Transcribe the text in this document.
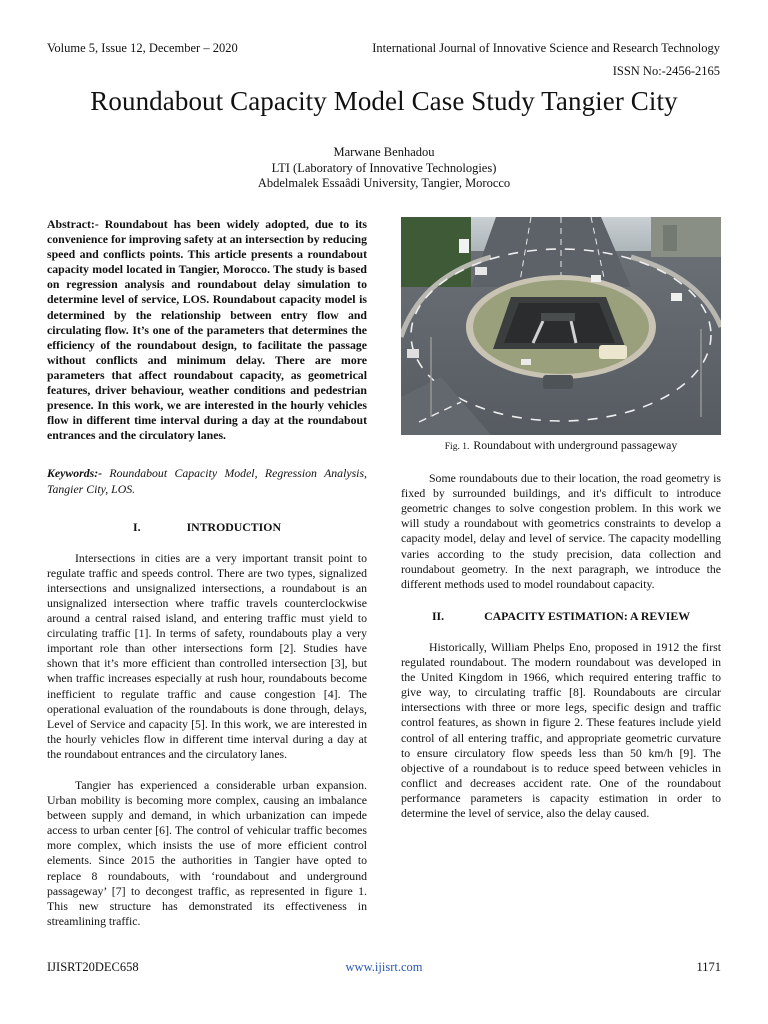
Volume 5, Issue 12, December – 2020	International Journal of Innovative Science and Research Technology
ISSN No:-2456-2165
Roundabout Capacity Model Case Study Tangier City
Marwane Benhadou
LTI (Laboratory of Innovative Technologies)
Abdelmalek Essaâdi University, Tangier, Morocco

Abstract:- Roundabout has been widely adopted, due to its convenience for improving safety at an intersection by reducing speed and conflicts points. This article presents a roundabout capacity model located in Tangier, Morocco. The study is based on regression analysis and roundabout delay simulation to determine level of service, LOS. Roundabout capacity model is determined by the relationship between entry flow and circulating flow. It’s one of the parameters that determines the efficiency of the roundabout design, to facilitate the passage without conflicts and minimum delay. There are more parameters that affect roundabout capacity, as geometrical features, driver behaviour, weather conditions and pedestrian presence. In this work, we are interested in the hourly vehicles flow in different time interval during a day at the roundabout entrances and the circulatory lanes.

Keywords:- Roundabout Capacity Model, Regression Analysis, Tangier City, LOS.

I.	INTRODUCTION

Intersections in cities are a very important transit point to regulate traffic and speeds control. There are two types, signalized intersections and unsignalized intersections, a roundabout is an unsignalized intersection where traffic travels counterclockwise around a central raised island, and entering traffic must yield to circulating traffic [1]. In terms of safety, roundabouts play a very important role than other intersections form [2]. Studies have shown that it’s more efficient than controlled intersection [3], but when traffic increases especially at rush hour, roundabouts become inefficient to regulate traffic and cause congestion [4]. The operational evaluation of the roundabouts is done through, delays, Level of Service and capacity [5]. In this work, we are interested in the hourly vehicles flow in different time interval during a day at the roundabout entrances and the circulatory lanes.

Tangier has experienced a considerable urban expansion. Urban mobility is becoming more complex, causing an imbalance between supply and demand, in which urbanization can impede access to urban center [6]. The control of vehicular traffic becomes more complex, which insists the use of more efficient control elements. Since 2015 the authorities in Tangier have opted to replace 8 roundabouts, with ‘roundabout and underground passageway’ [7] to decongest traffic, as represented in figure 1. This new structure has demonstrated its effectiveness in streamlining traffic.

Fig. 1. Roundabout with underground passageway

Some roundabouts due to their location, the road geometry is fixed by surrounded buildings, and it's difficult to introduce geometric changes to solve congestion problem. In this work we will study a roundabout with geometrics constraints to develop a capacity model, delay and level of service. The capacity modelling varies according to the study precision, data collection and roundabout geometry. In the next paragraph, we introduce the different methods used to model roundabout capacity.

II.	CAPACITY ESTIMATION: A REVIEW

Historically, William Phelps Eno, proposed in 1912 the first regulated roundabout. The modern roundabout was developed in the United Kingdom in 1966, which required entering traffic to give way, to circulating traffic [8]. Roundabouts are circular intersections with three or more legs, specific design and traffic control features, as shown in figure 2. These features include yield control of all entering traffic, and appropriate geometric curvature to ensure circulatory flow speeds less than 50 km/h [9]. The objective of a roundabout is to reduce speed between vehicles in conflict and decreases accident rate. One of the roundabout performance parameters is capacity estimation in order to determine the level of service, also the delay caused.

IJISRT20DEC658	www.ijisrt.com	1171
